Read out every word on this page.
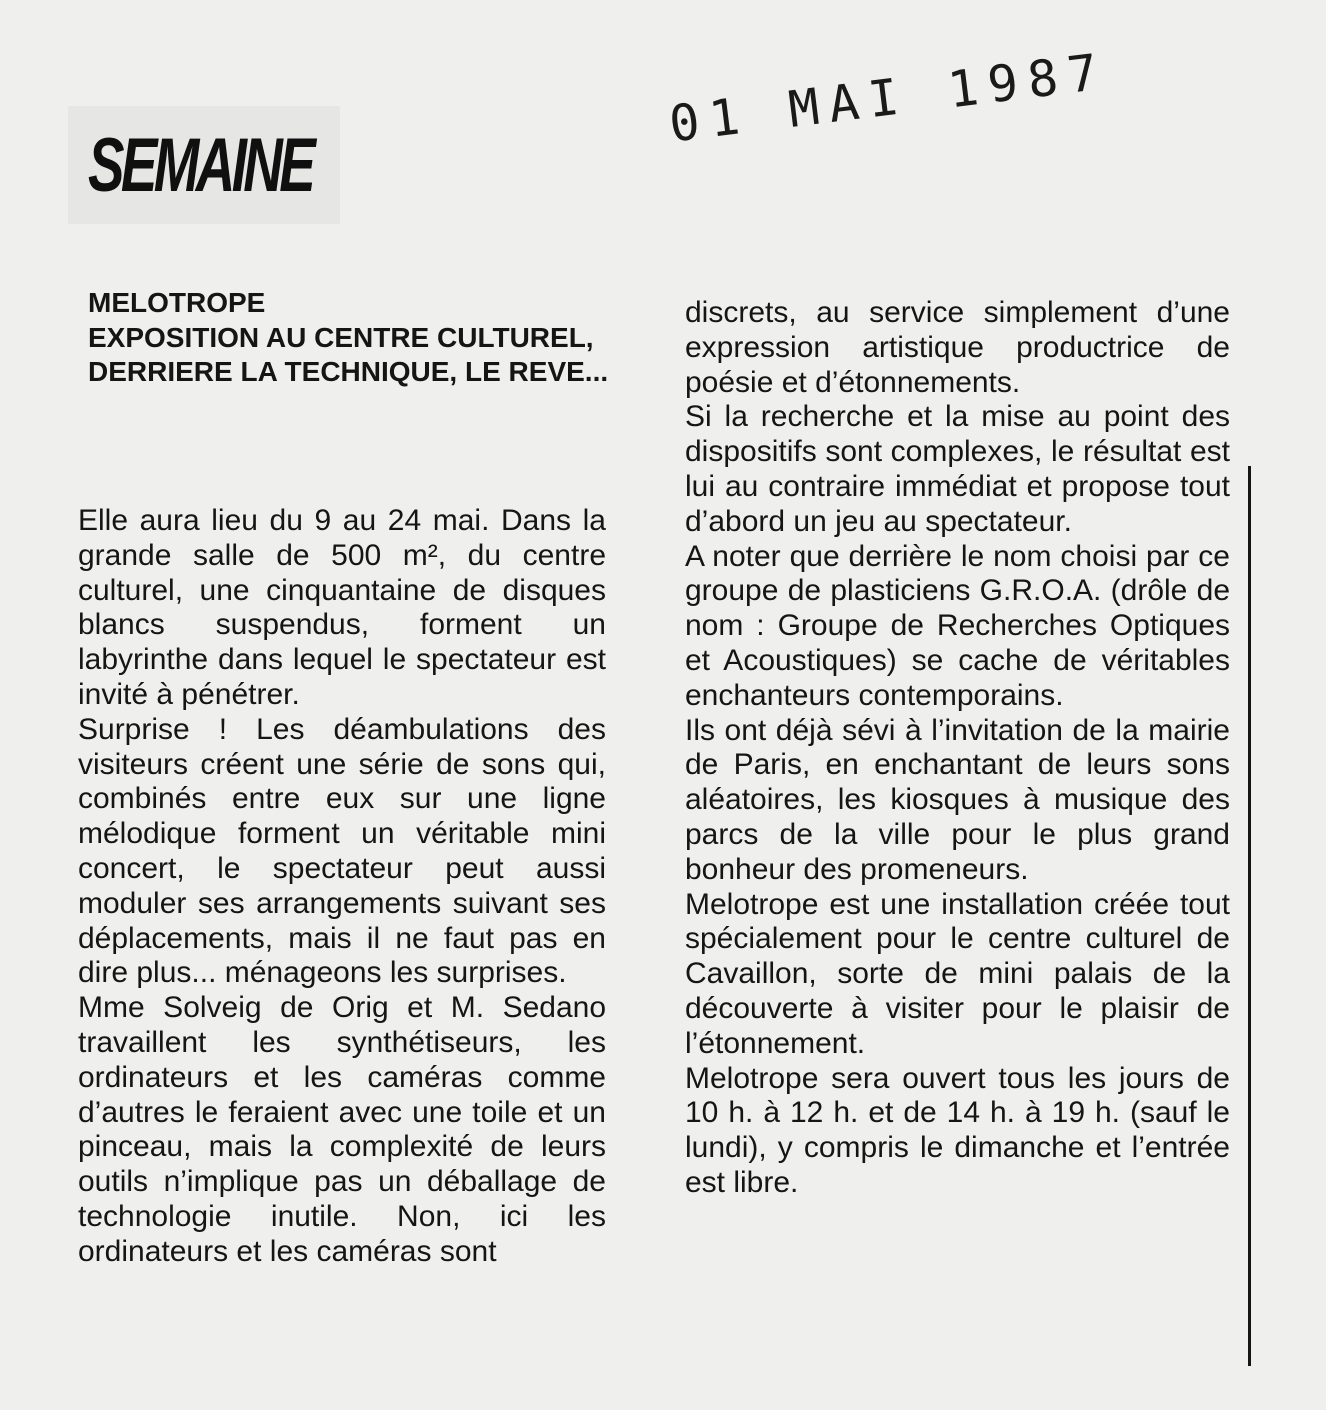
SEMAINE
01 MAI 1987
MELOTROPE
EXPOSITION AU CENTRE CULTUREL,
DERRIERE LA TECHNIQUE, LE REVE...

Elle aura lieu du 9 au 24 mai. Dans la grande salle de 500 m², du centre culturel, une cinquantaine de disques blancs suspendus, forment un labyrinthe dans lequel le spectateur est invité à pénétrer.

Surprise ! Les déambulations des visiteurs créent une série de sons qui, combinés entre eux sur une ligne mélodique forment un véritable mini concert, le spectateur peut aussi moduler ses arrangements suivant ses déplacements, mais il ne faut pas en dire plus... ménageons les surprises.

Mme Solveig de Orig et M. Sedano travaillent les synthétiseurs, les ordinateurs et les caméras comme d’autres le feraient avec une toile et un pinceau, mais la complexité de leurs outils n’implique pas un déballage de technologie inutile. Non, ici les ordinateurs et les caméras sont

discrets, au service simplement d’une expression artistique productrice de poésie et d’étonnements.

Si la recherche et la mise au point des dispositifs sont complexes, le résultat est lui au contraire immédiat et propose tout d’abord un jeu au spectateur.

A noter que derrière le nom choisi par ce groupe de plasticiens G.R.O.A. (drôle de nom : Groupe de Recherches Optiques et Acoustiques) se cache de véritables enchanteurs contemporains.

Ils ont déjà sévi à l’invitation de la mairie de Paris, en enchantant de leurs sons aléatoires, les kiosques à musique des parcs de la ville pour le plus grand bonheur des promeneurs.

Melotrope est une installation créée tout spécialement pour le centre culturel de Cavaillon, sorte de mini palais de la découverte à visiter pour le plaisir de l’étonnement.

Melotrope sera ouvert tous les jours de 10 h. à 12 h. et de 14 h. à 19 h. (sauf le lundi), y compris le dimanche et l’entrée est libre.
